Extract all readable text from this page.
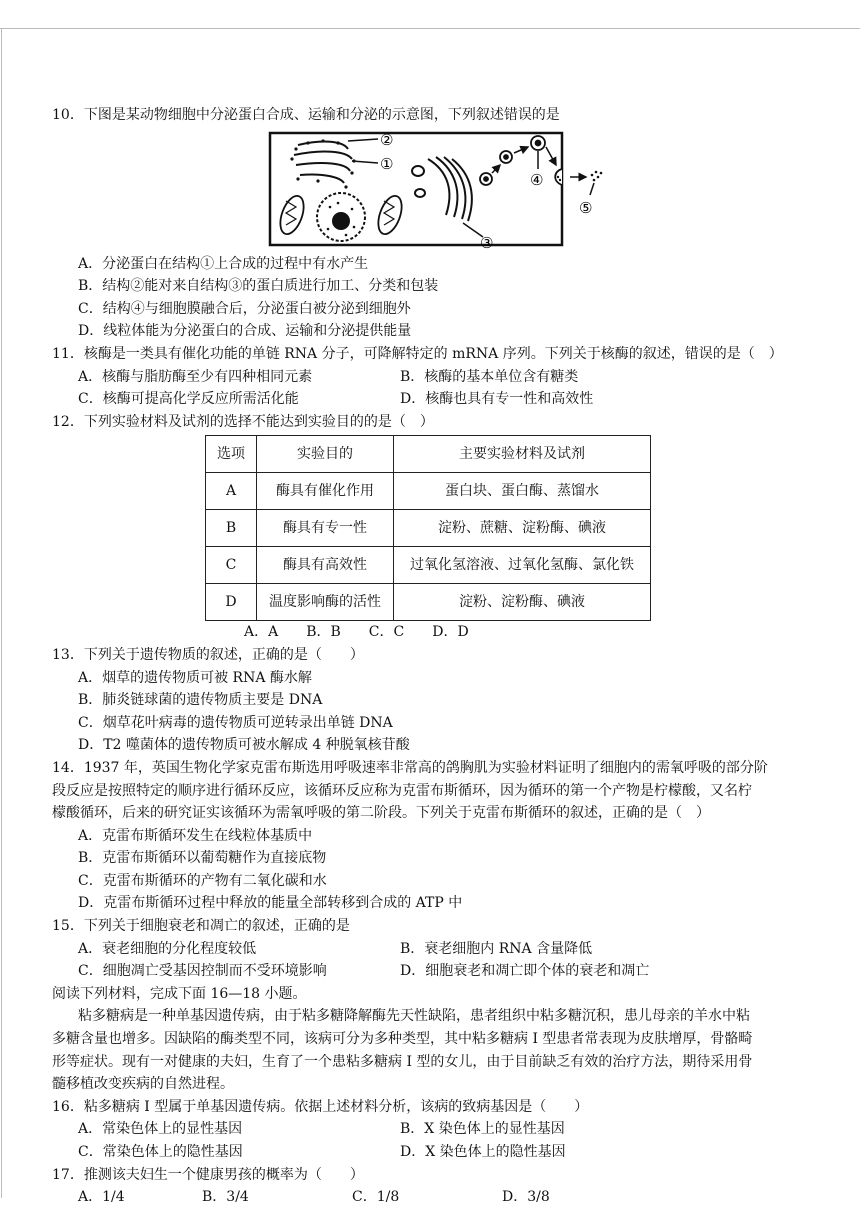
10．下图是某动物细胞中分泌蛋白合成、运输和分泌的示意图，下列叙述错误的是
②
①
③
④
⑤
A．分泌蛋白在结构①上合成的过程中有水产生
B．结构②能对来自结构③的蛋白质进行加工、分类和包装
C．结构④与细胞膜融合后，分泌蛋白被分泌到细胞外
D．线粒体能为分泌蛋白的合成、运输和分泌提供能量
11．核酶是一类具有催化功能的单链 RNA 分子，可降解特定的 mRNA 序列。下列关于核酶的叙述，错误的是（　）
A．核酶与脂肪酶至少有四种相同元素	B．核酶的基本单位含有糖类
C．核酶可提高化学反应所需活化能	D．核酶也具有专一性和高效性
12．下列实验材料及试剂的选择不能达到实验目的的是（　）
选项	实验目的	主要实验材料及试剂
A	酶具有催化作用	蛋白块、蛋白酶、蒸馏水
B	酶具有专一性	淀粉、蔗糖、淀粉酶、碘液
C	酶具有高效性	过氧化氢溶液、过氧化氢酶、氯化铁
D	温度影响酶的活性	淀粉、淀粉酶、碘液
A．A　　B．B　　C．C　　D．D
13．下列关于遗传物质的叙述，正确的是（　　）
A．烟草的遗传物质可被 RNA 酶水解
B．肺炎链球菌的遗传物质主要是 DNA
C．烟草花叶病毒的遗传物质可逆转录出单链 DNA
D．T2 噬菌体的遗传物质可被水解成 4 种脱氧核苷酸
14．1937 年，英国生物化学家克雷布斯选用呼吸速率非常高的鸽胸肌为实验材料证明了细胞内的需氧呼吸的部分阶
段反应是按照特定的顺序进行循环反应，该循环反应称为克雷布斯循环，因为循环的第一个产物是柠檬酸，又名柠
檬酸循环，后来的研究证实该循环为需氧呼吸的第二阶段。下列关于克雷布斯循环的叙述，正确的是（　）
A．克雷布斯循环发生在线粒体基质中
B．克雷布斯循环以葡萄糖作为直接底物
C．克雷布斯循环的产物有二氧化碳和水
D．克雷布斯循环过程中释放的能量全部转移到合成的 ATP 中
15．下列关于细胞衰老和凋亡的叙述，正确的是
A．衰老细胞的分化程度较低	B．衰老细胞内 RNA 含量降低
C．细胞凋亡受基因控制而不受环境影响	D．细胞衰老和凋亡即个体的衰老和凋亡
阅读下列材料，完成下面 16—18 小题。
粘多糖病是一种单基因遗传病，由于粘多糖降解酶先天性缺陷，患者组织中粘多糖沉积，患儿母亲的羊水中粘
多糖含量也增多。因缺陷的酶类型不同，该病可分为多种类型，其中粘多糖病 I 型患者常表现为皮肤增厚，骨骼畸
形等症状。现有一对健康的夫妇，生育了一个患粘多糖病 I 型的女儿，由于目前缺乏有效的治疗方法，期待采用骨
髓移植改变疾病的自然进程。
16．粘多糖病 I 型属于单基因遗传病。依据上述材料分析，该病的致病基因是（　　）
A．常染色体上的显性基因	B．X 染色体上的显性基因
C．常染色体上的隐性基因	D．X 染色体上的隐性基因
17．推测该夫妇生一个健康男孩的概率为（　　）
A．1/4	B．3/4	C．1/8	D．3/8
